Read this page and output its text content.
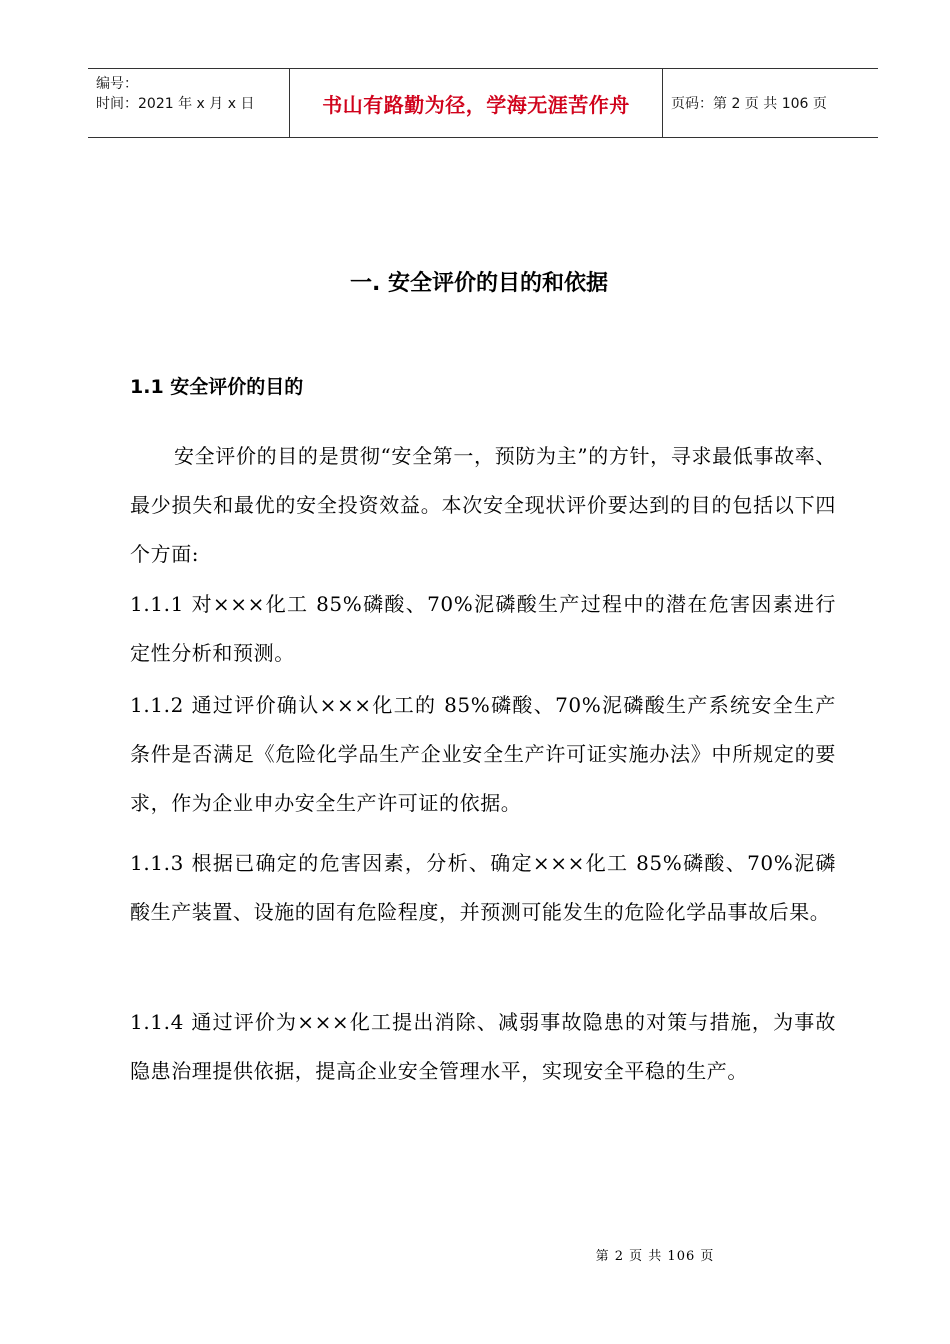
编号：
时间：2021 年 x 月 x 日	书山有路勤为径，学海无涯苦作舟	页码：第 2 页 共 106 页
一. 安全评价的目的和依据
1.1 安全评价的目的
安全评价的目的是贯彻“安全第一，预防为主”的方针，寻求最低事故率、最少损失和最优的安全投资效益。本次安全现状评价要达到的目的包括以下四个方面:
1.1.1 对×××化工 85%磷酸、70%泥磷酸生产过程中的潜在危害因素进行定性分析和预测。
1.1.2 通过评价确认×××化工的 85%磷酸、70%泥磷酸生产系统安全生产条件是否满足《危险化学品生产企业安全生产许可证实施办法》中所规定的要求，作为企业申办安全生产许可证的依据。
1.1.3 根据已确定的危害因素，分析、确定×××化工 85%磷酸、70%泥磷酸生产装置、设施的固有危险程度，并预测可能发生的危险化学品事故后果。
1.1.4 通过评价为×××化工提出消除、减弱事故隐患的对策与措施，为事故隐患治理提供依据，提高企业安全管理水平，实现安全平稳的生产。
第 2 页 共 106 页
